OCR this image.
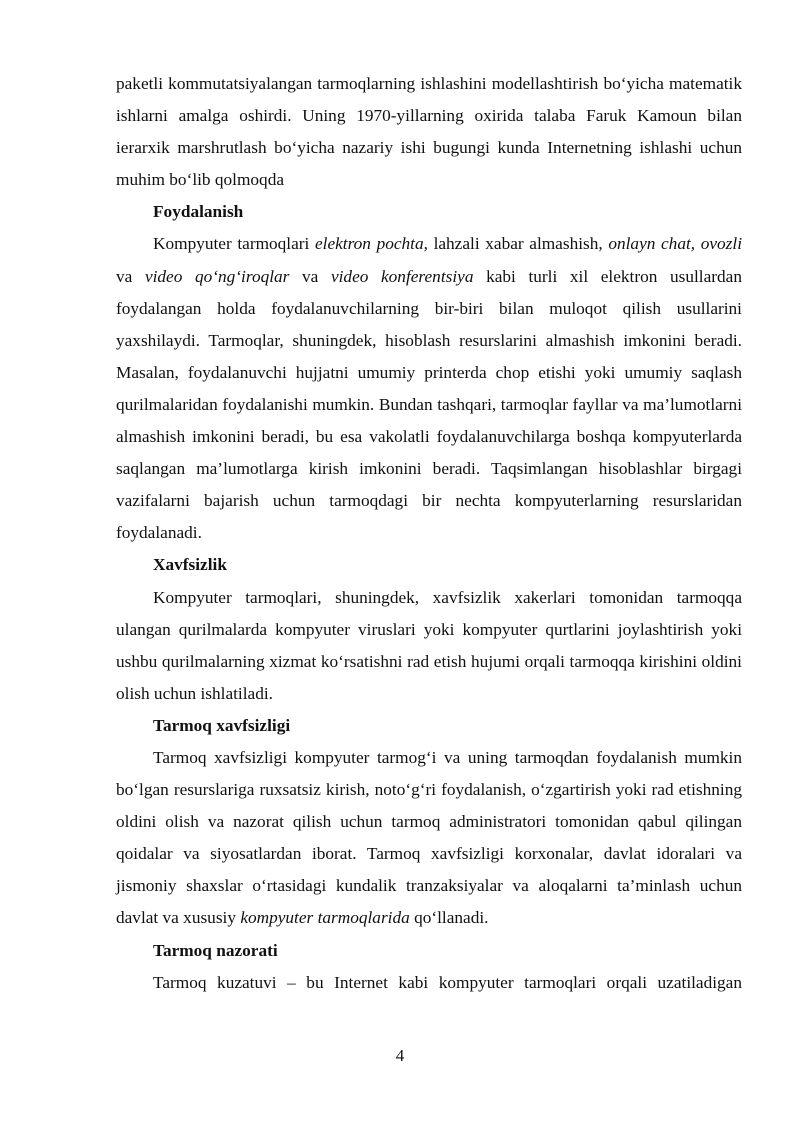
paketli kommutatsiyalangan tarmoqlarning ishlashini modellashtirish bo‘yicha matematik ishlarni amalga oshirdi. Uning 1970-yillarning oxirida talaba Faruk Kamoun bilan ierarxik marshrutlash bo‘yicha nazariy ishi bugungi kunda Internetning ishlashi uchun muhim bo‘lib qolmoqda

Foydalanish

Kompyuter tarmoqlari elektron pochta, lahzali xabar almashish, onlayn chat, ovozli va video qo‘ng‘iroqlar va video konferentsiya kabi turli xil elektron usullardan foydalangan holda foydalanuvchilarning bir-biri bilan muloqot qilish usullarini yaxshilaydi. Tarmoqlar, shuningdek, hisoblash resurslarini almashish imkonini beradi. Masalan, foydalanuvchi hujjatni umumiy printerda chop etishi yoki umumiy saqlash qurilmalaridan foydalanishi mumkin. Bundan tashqari, tarmoqlar fayllar va ma’lumotlarni almashish imkonini beradi, bu esa vakolatli foydalanuvchilarga boshqa kompyuterlarda saqlangan ma’lumotlarga kirish imkonini beradi. Taqsimlangan hisoblashlar birgagi vazifalarni bajarish uchun tarmoqdagi bir nechta kompyuterlarning resurslaridan foydalanadi.

Xavfsizlik

Kompyuter tarmoqlari, shuningdek, xavfsizlik xakerlari tomonidan tarmoqqa ulangan qurilmalarda kompyuter viruslari yoki kompyuter qurtlarini joylashtirish yoki ushbu qurilmalarning xizmat ko‘rsatishni rad etish hujumi orqali tarmoqqa kirishini oldini olish uchun ishlatiladi.

Tarmoq xavfsizligi

Tarmoq xavfsizligi kompyuter tarmog‘i va uning tarmoqdan foydalanish mumkin bo‘lgan resurslariga ruxsatsiz kirish, noto‘g‘ri foydalanish, o‘zgartirish yoki rad etishning oldini olish va nazorat qilish uchun tarmoq administratori tomonidan qabul qilingan qoidalar va siyosatlardan iborat. Tarmoq xavfsizligi korxonalar, davlat idoralari va jismoniy shaxslar o‘rtasidagi kundalik tranzaksiyalar va aloqalarni ta’minlash uchun davlat va xususiy kompyuter tarmoqlarida qo‘llanadi.

Tarmoq nazorati

Tarmoq kuzatuvi – bu Internet kabi kompyuter tarmoqlari orqali uzatiladigan

4
